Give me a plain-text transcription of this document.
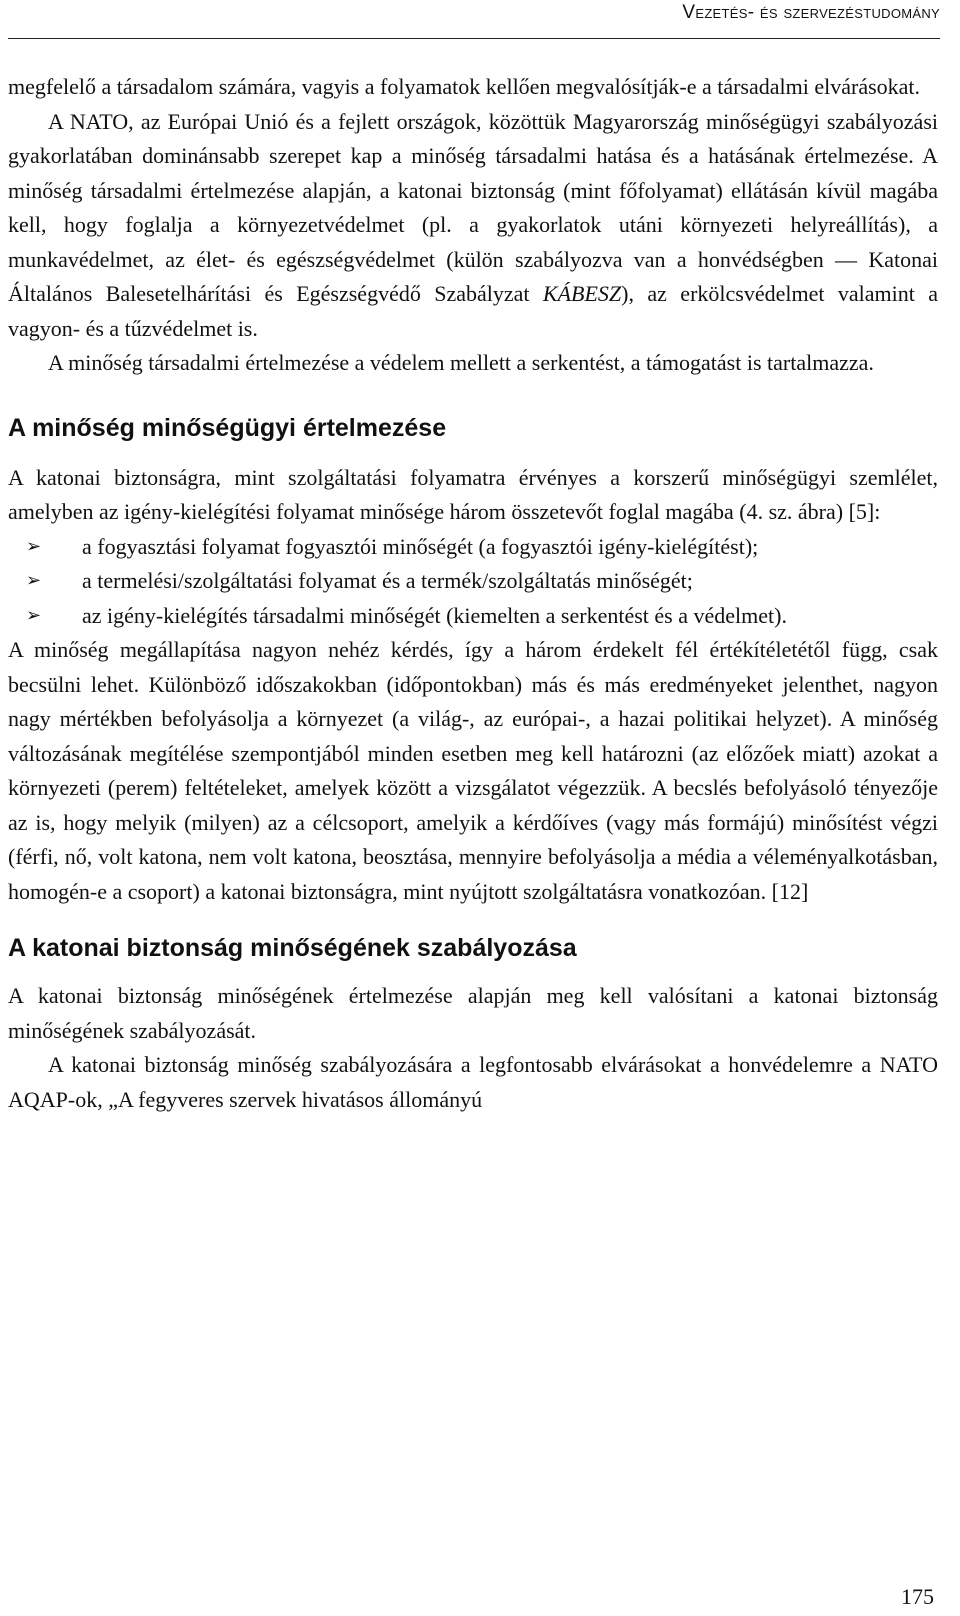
Vezetés- és szervezéstudomány

megfelelő a társadalom számára, vagyis a folyamatok kellően megvalósítják-e a társadalmi elvárásokat.

A NATO, az Európai Unió és a fejlett országok, közöttük Magyarország minőségügyi szabályozási gyakorlatában dominánsabb szerepet kap a minőség társadalmi hatása és a hatásának értelmezése. A minőség társadalmi értelmezése alapján, a katonai biztonság (mint főfolyamat) ellátásán kívül magába kell, hogy foglalja a környezetvédelmet (pl. a gyakorlatok utáni környezeti helyreállítás), a munkavédelmet, az élet- és egészségvédelmet (külön szabályozva van a honvédségben — Katonai Általános Balesetelhárítási és Egészségvédő Szabályzat KÁBESZ), az erkölcsvédelmet valamint a vagyon- és a tűzvédelmet is.

A minőség társadalmi értelmezése a védelem mellett a serkentést, a támogatást is tartalmazza.

A minőség minőségügyi értelmezése

A katonai biztonságra, mint szolgáltatási folyamatra érvényes a korszerű minőségügyi szemlélet, amelyben az igény-kielégítési folyamat minősége három összetevőt foglal magába (4. sz. ábra) [5]:

➢ a fogyasztási folyamat fogyasztói minőségét (a fogyasztói igény-kielégítést);
➢ a termelési/szolgáltatási folyamat és a termék/szolgáltatás minőségét;
➢ az igény-kielégítés társadalmi minőségét (kiemelten a serkentést és a védelmet).

A minőség megállapítása nagyon nehéz kérdés, így a három érdekelt fél értékítéletétől függ, csak becsülni lehet. Különböző időszakokban (időpontokban) más és más eredményeket jelenthet, nagyon nagy mértékben befolyásolja a környezet (a világ-, az európai-, a hazai politikai helyzet). A minőség változásának megítélése szempontjából minden esetben meg kell határozni (az előzőek miatt) azokat a környezeti (perem) feltételeket, amelyek között a vizsgálatot végezzük. A becslés befolyásoló tényezője az is, hogy melyik (milyen) az a célcsoport, amelyik a kérdőíves (vagy más formájú) minősítést végzi (férfi, nő, volt katona, nem volt katona, beosztása, mennyire befolyásolja a média a véleményalkotásban, homogén-e a csoport) a katonai biztonságra, mint nyújtott szolgáltatásra vonatkozóan. [12]

A katonai biztonság minőségének szabályozása

A katonai biztonság minőségének értelmezése alapján meg kell valósítani a katonai biztonság minőségének szabályozását.

A katonai biztonság minőség szabályozására a legfontosabb elvárásokat a honvédelemre a NATO AQAP-ok, „A fegyveres szervek hivatásos állományú

175
